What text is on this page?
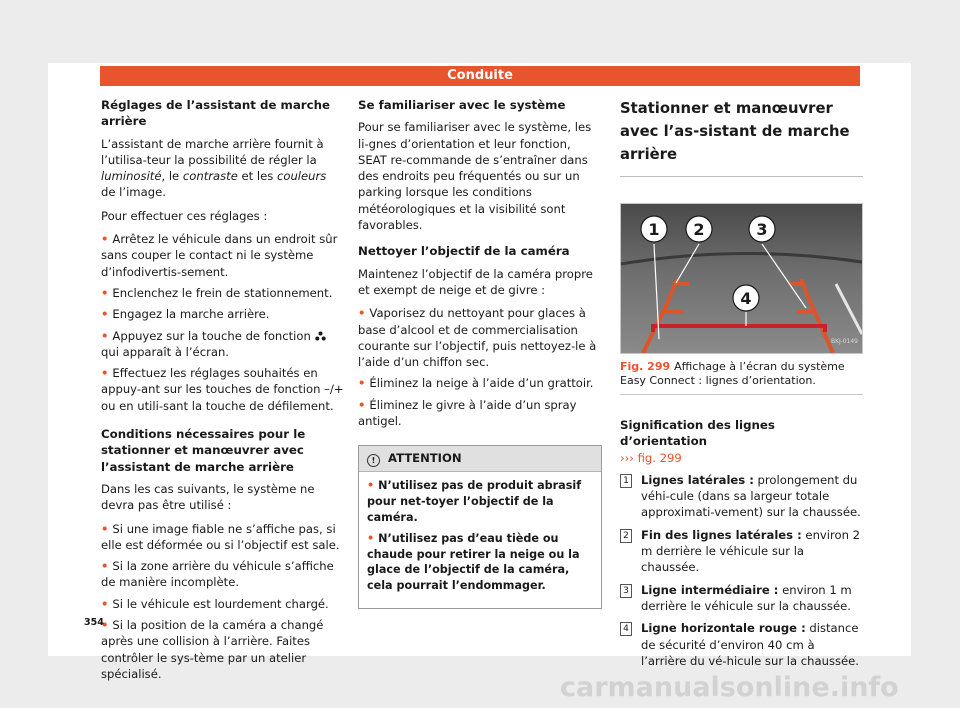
Conduite
Réglages de l’assistant de marche arrière

L’assistant de marche arrière fournit à l’utilisa-teur la possibilité de régler la luminosité, le contraste et les couleurs de l’image.

Pour effectuer ces réglages :

• Arrêtez le véhicule dans un endroit sûr sans couper le contact ni le système d’infodivertis-sement.
• Enclenchez le frein de stationnement.
• Engagez la marche arrière.
• Appuyez sur la touche de fonction  qui apparaît à l’écran.
• Effectuez les réglages souhaités en appuy-ant sur les touches de fonction –/+ ou en utili-sant la touche de défilement.
Conditions nécessaires pour le stationner et manœuvrer avec l’assistant de marche arrière

Dans les cas suivants, le système ne devra pas être utilisé :

• Si une image fiable ne s’affiche pas, si elle est déformée ou si l’objectif est sale.
• Si la zone arrière du véhicule s’affiche de manière incomplète.
• Si le véhicule est lourdement chargé.
• Si la position de la caméra a changé après une collision à l’arrière. Faites contrôler le sys-tème par un atelier spécialisé.
Se familiariser avec le système

Pour se familiariser avec le système, les li-gnes d’orientation et leur fonction, SEAT re-commande de s’entraîner dans des endroits peu fréquentés ou sur un parking lorsque les conditions météorologiques et la visibilité sont favorables.

Nettoyer l’objectif de la caméra

Maintenez l’objectif de la caméra propre et exempt de neige et de givre :

• Vaporisez du nettoyant pour glaces à base d’alcool et de commercialisation courante sur l’objectif, puis nettoyez-le à l’aide d’un chiffon sec.
• Éliminez la neige à l’aide d’un grattoir.
• Éliminez le givre à l’aide d’un spray antigel.
! ATTENTION
• N’utilisez pas de produit abrasif pour net-toyer l’objectif de la caméra.
• N’utilisez pas d’eau tiède ou chaude pour retirer la neige ou la glace de l’objectif de la caméra, cela pourrait l’endommager.
Stationner et manœuvrer avec l’as-sistant de marche arrière
1 2	3
4
BKJ-0149
Fig. 299 Affichage à l’écran du système Easy Connect : lignes d’orientation.
Signification des lignes d’orientation
››› fig. 299
1 Lignes latérales : prolongement du véhi-cule (dans sa largeur totale approximati-vement) sur la chaussée.
2 Fin des lignes latérales : environ 2 m derrière le véhicule sur la chaussée.
3 Ligne intermédiaire : environ 1 m derrière le véhicule sur la chaussée.
4 Ligne horizontale rouge : distance de sécurité d’environ 40 cm à l’arrière du vé-hicule sur la chaussée.
354
carmanualsonline.info
